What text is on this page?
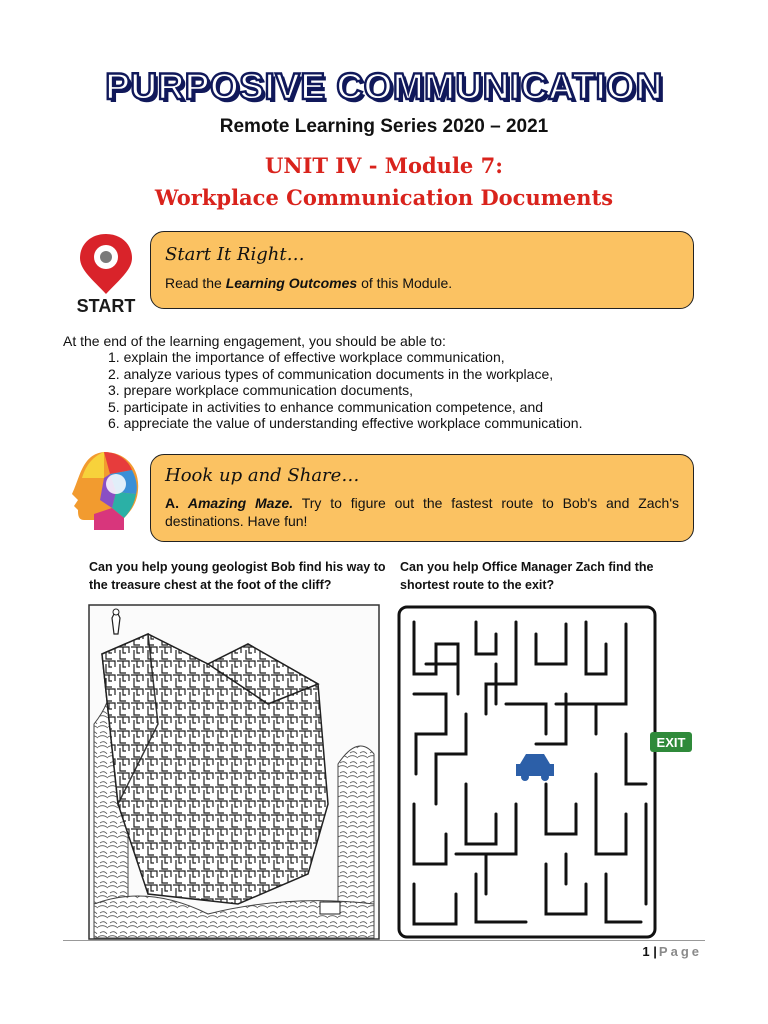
PURPOSIVE COMMUNICATION
Remote Learning Series 2020 – 2021
UNIT IV - Module 7:
Workplace Communication Documents
START
Start It Right…
Read the Learning Outcomes of this Module.
At the end of the learning engagement, you should be able to:
1. explain the importance of effective workplace communication,
2. analyze various types of communication documents in the workplace,
3. prepare workplace communication documents,
5. participate in activities to enhance communication competence, and
6. appreciate the value of understanding effective workplace communication.
Hook up and Share…
A. Amazing Maze. Try to figure out the fastest route to Bob's and Zach's destinations. Have fun!
Can you help young geologist Bob find his way to the treasure chest at the foot of the cliff?
Can you help Office Manager Zach find the shortest route to the exit?
EXIT
1 | Page
